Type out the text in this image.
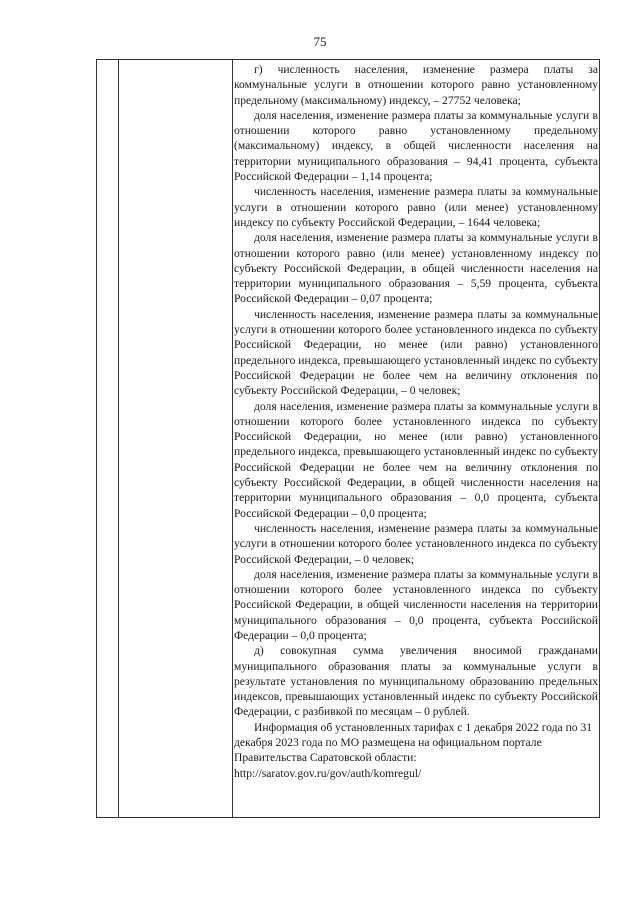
75

г) численность населения, изменение размера платы за коммунальные услуги в отношении которого равно установленному предельному (максимальному) индексу, – 27752 человека;

доля населения, изменение размера платы за коммунальные услуги в отношении которого равно установленному предельному (максимальному) индексу, в общей численности населения на территории муниципального образования – 94,41 процента, субъекта Российской Федерации – 1,14 процента;

численность населения, изменение размера платы за коммунальные услуги в отношении которого равно (или менее) установленному индексу по субъекту Российской Федерации, – 1644 человека;

доля населения, изменение размера платы за коммунальные услуги в отношении которого равно (или менее) установленному индексу по субъекту Российской Федерации, в общей численности населения на территории муниципального образования – 5,59 процента, субъекта Российской Федерации – 0,07 процента;

численность населения, изменение размера платы за коммунальные услуги в отношении которого более установленного индекса по субъекту Российской Федерации, но менее (или равно) установленного предельного индекса, превышающего установленный индекс по субъекту Российской Федерации не более чем на величину отклонения по субъекту Российской Федерации, – 0 человек;

доля населения, изменение размера платы за коммунальные услуги в отношении которого более установленного индекса по субъекту Российской Федерации, но менее (или равно) установленного предельного индекса, превышающего установленный индекс по субъекту Российской Федерации не более чем на величину отклонения по субъекту Российской Федерации, в общей численности населения на территории муниципального образования – 0,0 процента, субъекта Российской Федерации – 0,0 процента;

численность населения, изменение размера платы за коммунальные услуги в отношении которого более установленного индекса по субъекту Российской Федерации, – 0 человек;

доля населения, изменение размера платы за коммунальные услуги в отношении которого более установленного индекса по субъекту Российской Федерации, в общей численности населения на территории муниципального образования – 0,0 процента, субъекта Российской Федерации – 0,0 процента;

д) совокупная сумма увеличения вносимой гражданами муниципального образования платы за коммунальные услуги в результате установления по муниципальному образованию предельных индексов, превышающих установленный индекс по субъекту Российской Федерации, с разбивкой по месяцам – 0 рублей.

Информация об установленных тарифах с 1 декабря 2022 года по 31 декабря 2023 года по МО размещена на официальном портале Правительства Саратовской области: http://saratov.gov.ru/gov/auth/komregul/
